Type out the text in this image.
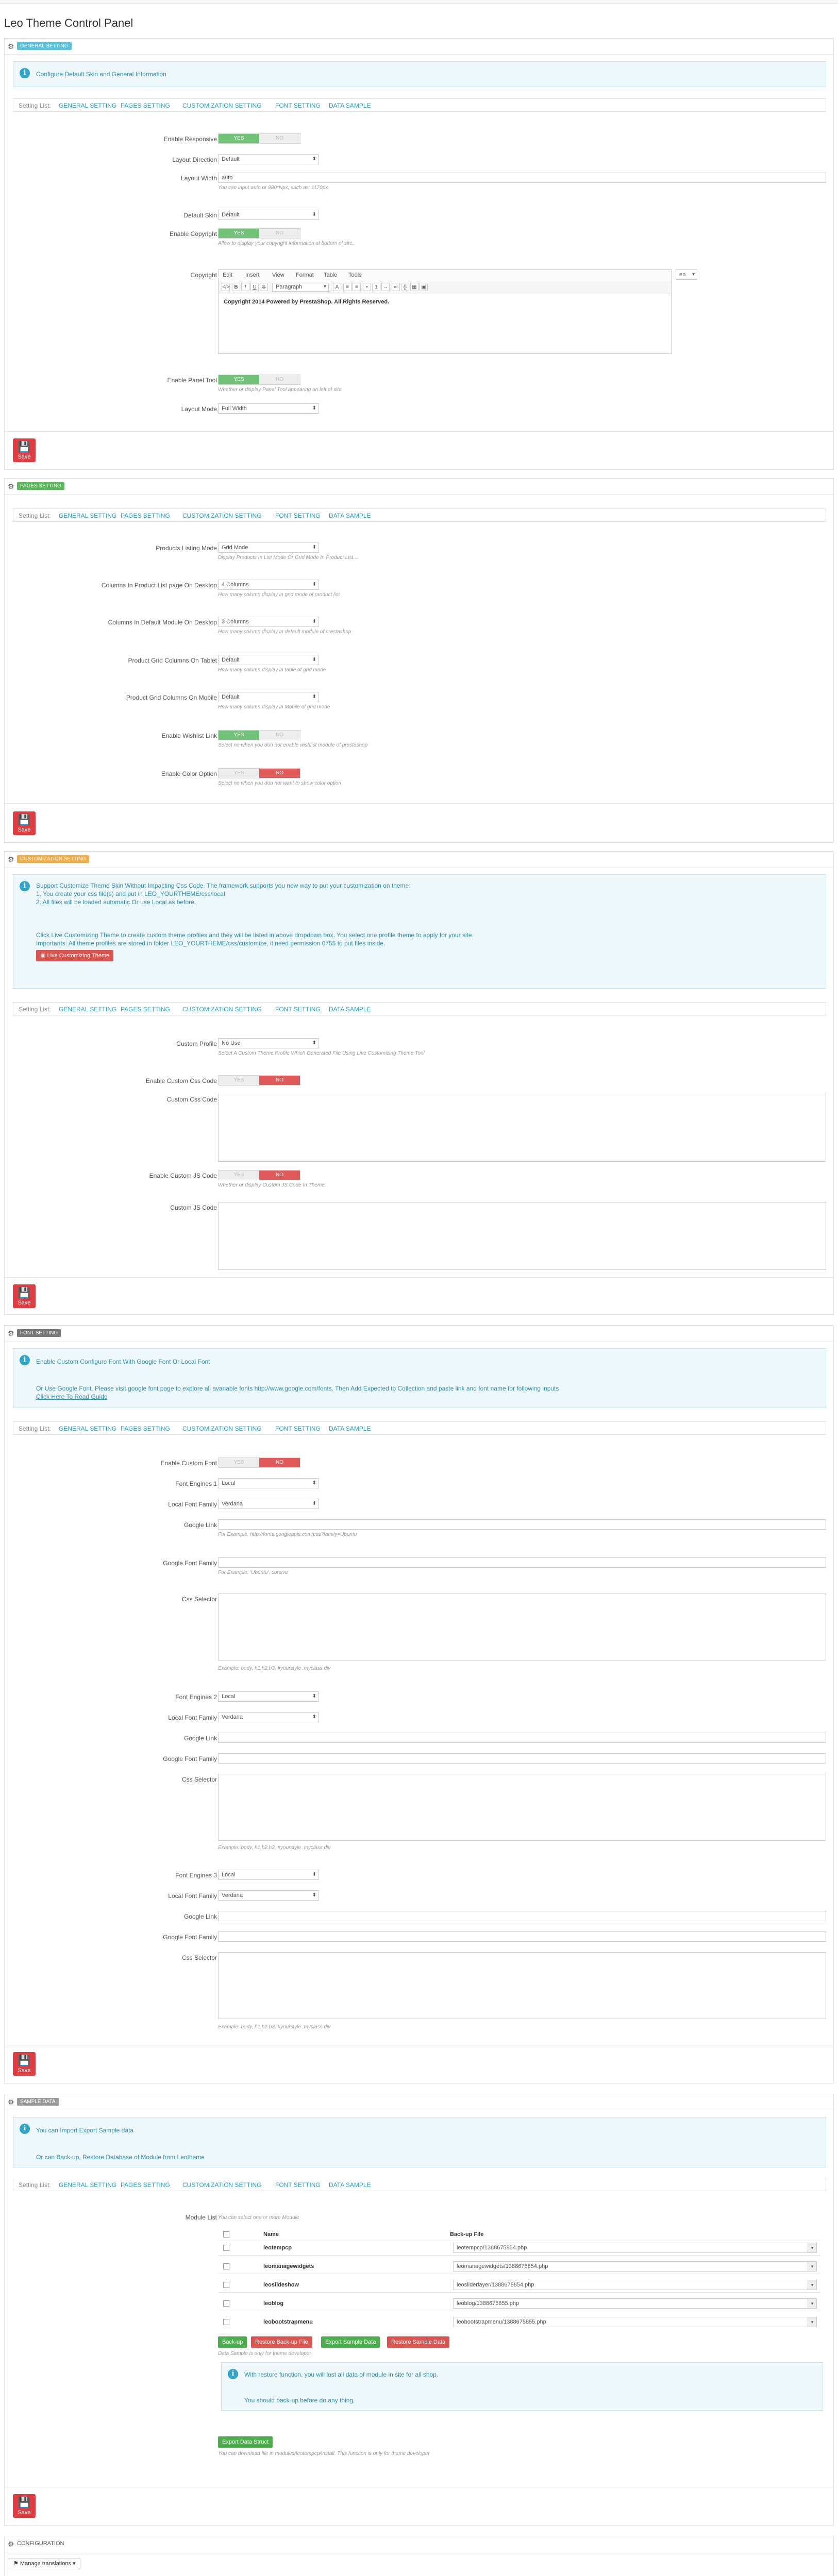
Leo Theme Control Panel
⚙	GENERAL SETTING
i	Configure Default Skin and General Information
Setting List: GENERAL SETTING PAGES SETTING CUSTOMIZATION SETTING FONT SETTING DATA SAMPLE
Enable Responsive	YES	NO
Layout Direction Default	⬍
Layout Width auto
You can input auto or 980*Npx, such as: 1170px
Default Skin Default	⬍
Enable Copyright	YES	NO
Allow to display your copyright information at bottom of site.
Copyright Edit Insert View Format Table Tools
</> B	I	U	S	Paragraph	▾	A	≡	≡	•	1	→	∞	{} ▦ ▣
Copyright 2014 Powered by PrestaShop. All Rights Reserved.
en ▾
Enable Panel Tool	YES	NO
Whether or display Panel Tool appearing on left of site
Layout Mode Full Width	⬍
💾
Save
⚙	PAGES SETTING
Setting List: GENERAL SETTING PAGES SETTING CUSTOMIZATION SETTING FONT SETTING DATA SAMPLE
Products Listing Mode Grid Mode	⬍
Display Products In List Mode Or Grid Mode In Product List....
Columns In Product List page On Desktop 4 Columns	⬍
How many column display in grid mode of product list
Columns In Default Module On Desktop 3 Columns	⬍
How many column display in default module of prestashop
Product Grid Columns On Tablet Default	⬍
How many column display in table of grid mode
Product Grid Columns On Mobile Default	⬍
How many column display in Mobile of grid mode
Enable Wishlist Link	YES	NO
Select no when you don not enable wishlist module of prestashop
Enable Color Option	YES	NO
Select no when you don not want to show color option
💾
Save
⚙	CUSTOMIZATION SETTING
i	Support Customize Theme Skin Without Impacting Css Code. The framework supports you new way to put your customization on theme:
1. You create your css file(s) and put in LEO_YOURTHEME/css/local
2. All files will be loaded automatic Or use Local as before.
Click Live Customizing Theme to create custom theme profiles and they will be listed in above dropdown box. You select one profile theme to apply for your site.
Importants: All theme profiles are stored in folder LEO_YOURTHEME/css/customize, it need permission 0755 to put files inside.
▣ Live Customizing Theme
Setting List: GENERAL SETTING PAGES SETTING CUSTOMIZATION SETTING FONT SETTING DATA SAMPLE
Custom Profile No Use	⬍
Select A Custom Theme Profile Which Generated File Using Live Customizing Theme Tool
Enable Custom Css Code	YES	NO
Custom Css Code
Enable Custom JS Code	YES	NO
Whether or display Custom JS Code In Theme
Custom JS Code
💾
Save
⚙	FONT SETTING
i	Enable Custom Configure Font With Google Font Or Local Font
Or Use Google Font. Please visit google font page to explore all avariable fonts http://www.google.com/fonts. Then Add Expected to Collection and paste link and font name for following inputs
Click Here To Read Guide
Setting List: GENERAL SETTING PAGES SETTING CUSTOMIZATION SETTING FONT SETTING DATA SAMPLE
Enable Custom Font	YES	NO
Font Engines 1 Local	⬍
Local Font Family Verdana	⬍
Google Link
For Example: http://fonts.googleapis.com/css?family=Ubuntu
Google Font Family
For Example: 'Ubuntu', cursive
Css Selector
Example: body, h1,h2,h3, #yourstyle .myclass div
Font Engines 2 Local	⬍
Local Font Family Verdana	⬍
Google Link
Google Font Family
Css Selector
Example: body, h1,h2,h3, #yourstyle .myclass div
Font Engines 3 Local	⬍
Local Font Family Verdana	⬍
Google Link
Google Font Family
Css Selector
Example: body, h1,h2,h3, #yourstyle .myclass div
💾
Save
⚙	SAMPLE DATA
i	You can Import Export Sample data
Or can Back-up, Restore Database of Module from Leotheme
Setting List: GENERAL SETTING PAGES SETTING CUSTOMIZATION SETTING FONT SETTING DATA SAMPLE
Module List You can select one or more Module
Name	Back-up File
leotempcp	leotempcp/1388675854.php	▾
leomanagewidgets	leomanagewidgets/1388675854.php	▾
leoslideshow	leosliderlayer/1388675854.php	▾
leoblog	leoblog/1388675855.php	▾
leobootstrapmenu	leobootstrapmenu/1388675855.php	▾
Back-up	Restore Back-up File	Export Sample Data	Restore Sample Data
Data Sample is only for theme developer
i	With restore function, you will lost all data of module in site for all shop.
You should back-up before do any thing.
Export Data Struct
You can download file in modules/leotempcp/install. This function is only for theme developer
💾
Save
⚙ CONFIGURATION
⚑ Manage translations ▾
